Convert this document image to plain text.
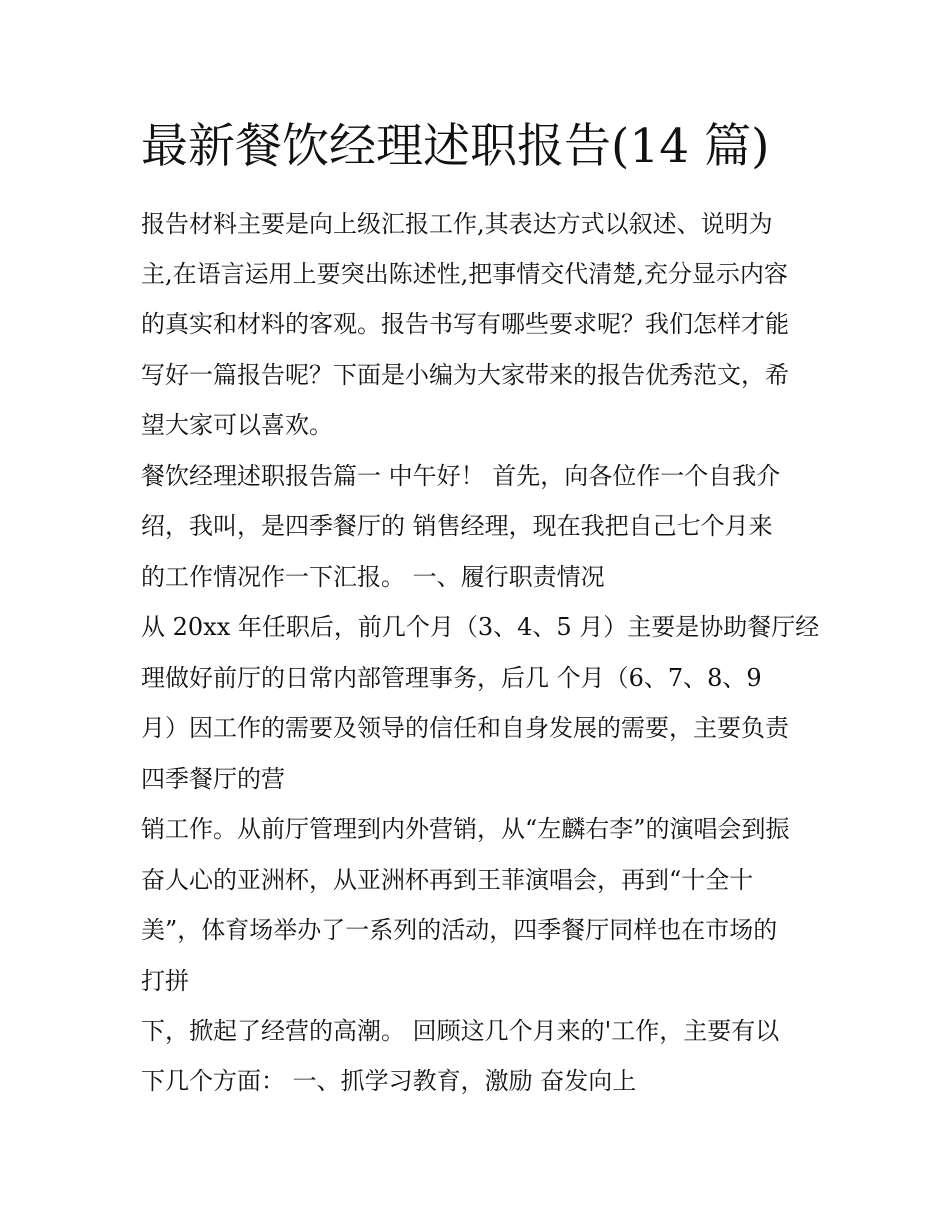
最新餐饮经理述职报告(14 篇)

报告材料主要是向上级汇报工作,其表达方式以叙述、说明为

主,在语言运用上要突出陈述性,把事情交代清楚,充分显示内容

的真实和材料的客观。报告书写有哪些要求呢？我们怎样才能

写好一篇报告呢？下面是小编为大家带来的报告优秀范文，希

望大家可以喜欢。

餐饮经理述职报告篇一 中午好！ 首先，向各位作一个自我介

绍，我叫，是四季餐厅的 销售经理，现在我把自己七个月来

的工作情况作一下汇报。 一、履行职责情况

从 20xx 年任职后，前几个月（3、4、5 月）主要是协助餐厅经

理做好前厅的日常内部管理事务，后几 个月（6、7、8、9

月）因工作的需要及领导的信任和自身发展的需要，主要负责

四季餐厅的营

销工作。从前厅管理到内外营销，从“左麟右李”的演唱会到振

奋人心的亚洲杯，从亚洲杯再到王菲演唱会，再到“十全十

美”，体育场举办了一系列的活动，四季餐厅同样也在市场的

打拼

下，掀起了经营的高潮。 回顾这几个月来的'工作，主要有以

下几个方面： 一、抓学习教育，激励 奋发向上
